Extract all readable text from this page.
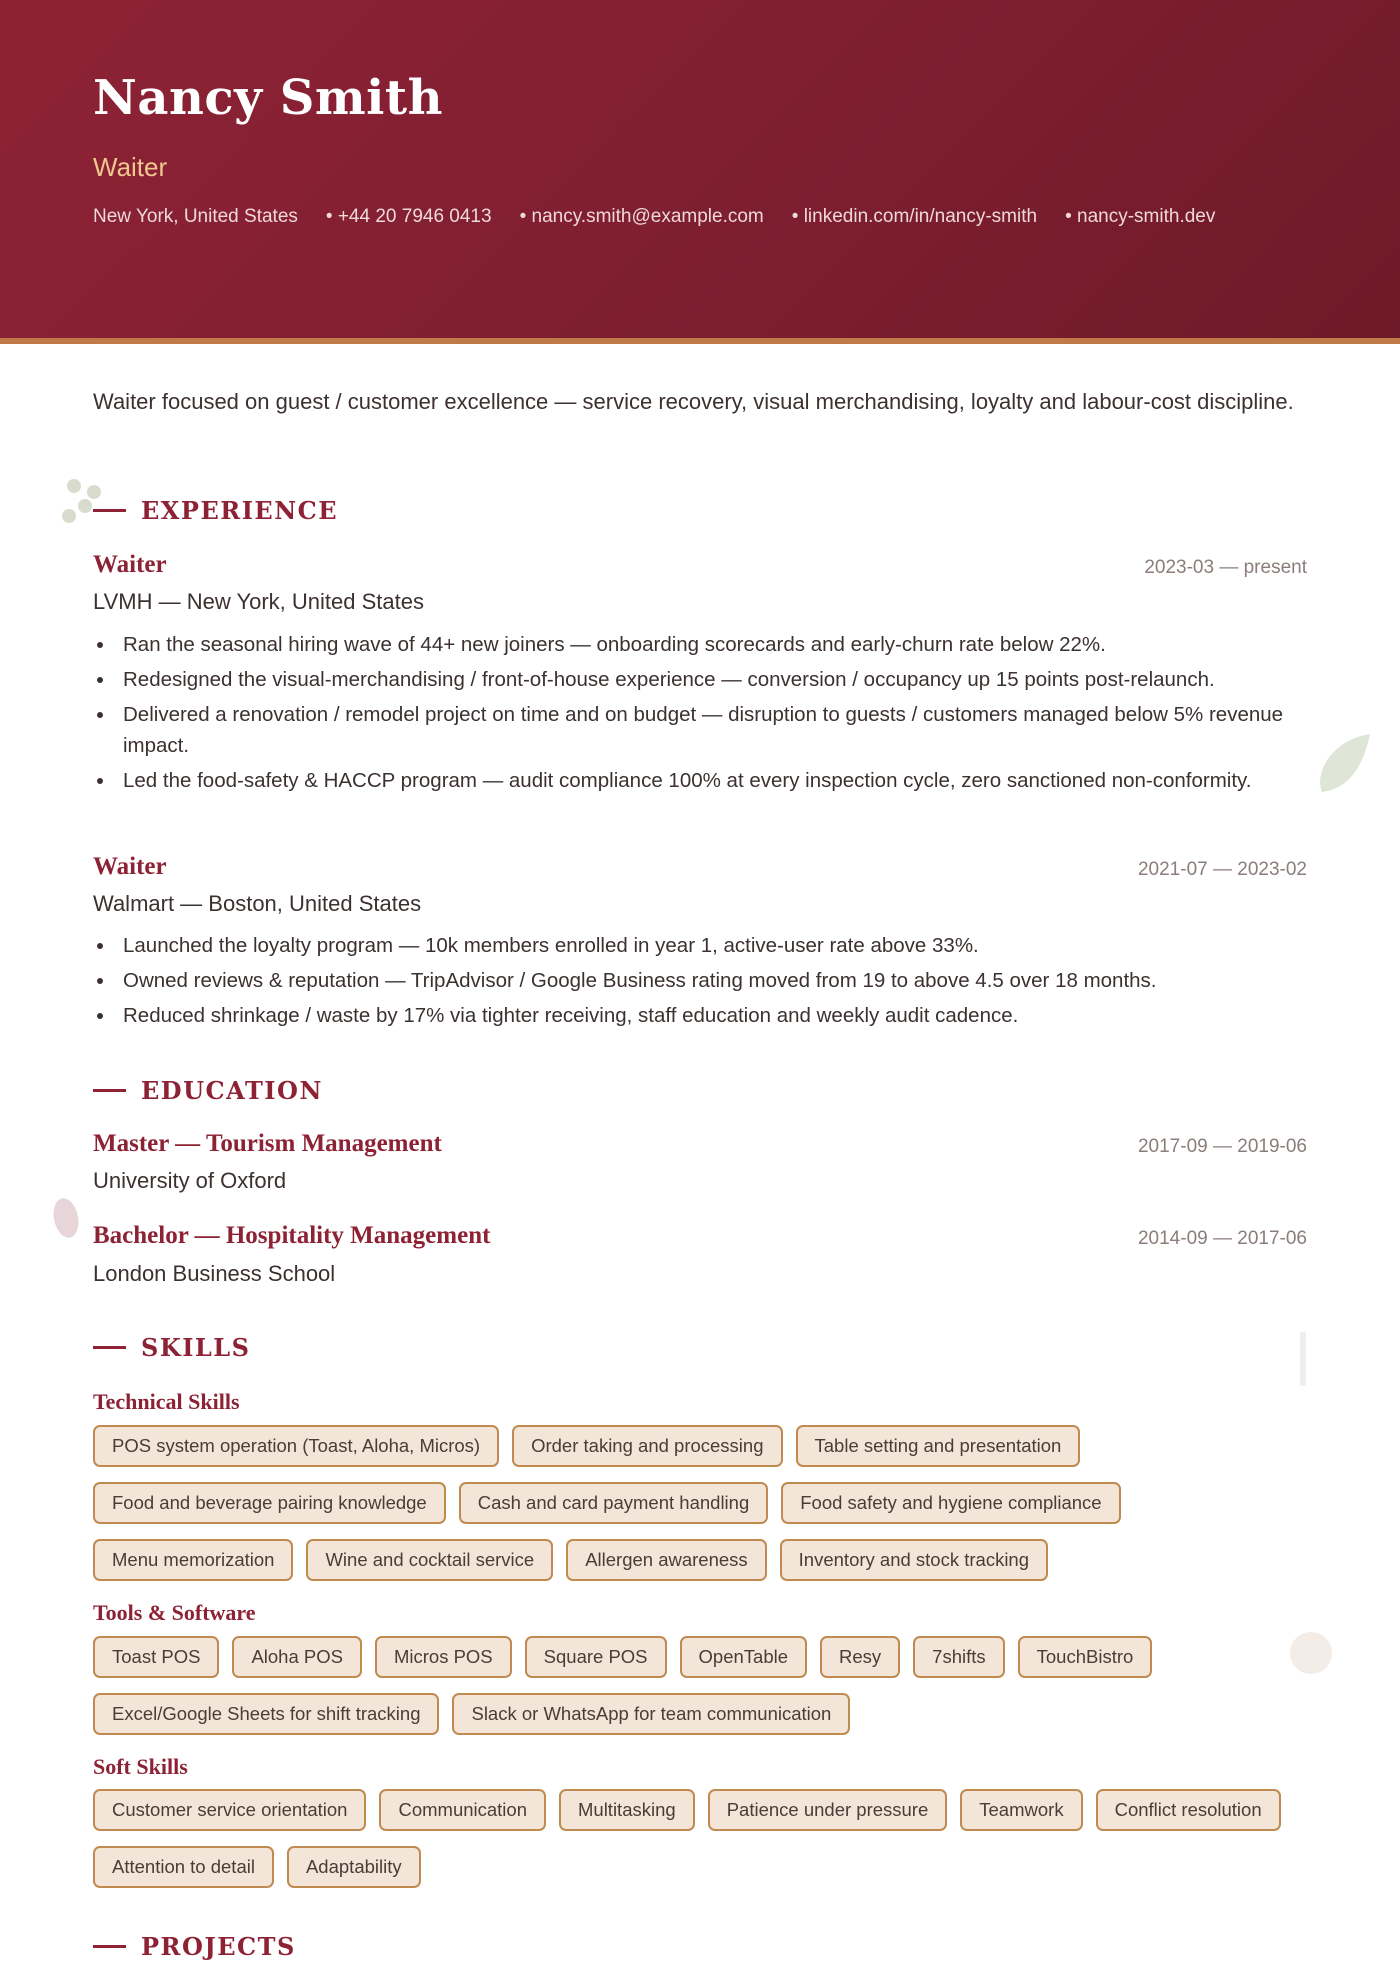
Nancy Smith
Waiter
New York, United States	• +44 20 7946 0413	• nancy.smith@example.com	• linkedin.com/in/nancy-smith	• nancy-smith.dev
Waiter focused on guest / customer excellence — service recovery, visual merchandising, loyalty and labour-cost discipline.
EXPERIENCE
Waiter	2023-03 — present
LVMH — New York, United States
Ran the seasonal hiring wave of 44+ new joiners — onboarding scorecards and early-churn rate below 22%.
Redesigned the visual-merchandising / front-of-house experience — conversion / occupancy up 15 points post-relaunch.
Delivered a renovation / remodel project on time and on budget — disruption to guests / customers managed below 5% revenue impact.
Led the food-safety & HACCP program — audit compliance 100% at every inspection cycle, zero sanctioned non-conformity.
Waiter	2021-07 — 2023-02
Walmart — Boston, United States
Launched the loyalty program — 10k members enrolled in year 1, active-user rate above 33%.
Owned reviews & reputation — TripAdvisor / Google Business rating moved from 19 to above 4.5 over 18 months.
Reduced shrinkage / waste by 17% via tighter receiving, staff education and weekly audit cadence.
EDUCATION
Master — Tourism Management	2017-09 — 2019-06
University of Oxford
Bachelor — Hospitality Management	2014-09 — 2017-06
London Business School
SKILLS
Technical Skills
POS system operation (Toast, Aloha, Micros)	Order taking and processing	Table setting and presentation
Food and beverage pairing knowledge	Cash and card payment handling	Food safety and hygiene compliance
Menu memorization	Wine and cocktail service	Allergen awareness	Inventory and stock tracking
Tools & Software
Toast POS	Aloha POS	Micros POS	Square POS	OpenTable	Resy	7shifts	TouchBistro
Excel/Google Sheets for shift tracking	Slack or WhatsApp for team communication
Soft Skills
Customer service orientation	Communication	Multitasking	Patience under pressure	Teamwork	Conflict resolution
Attention to detail	Adaptability
PROJECTS
